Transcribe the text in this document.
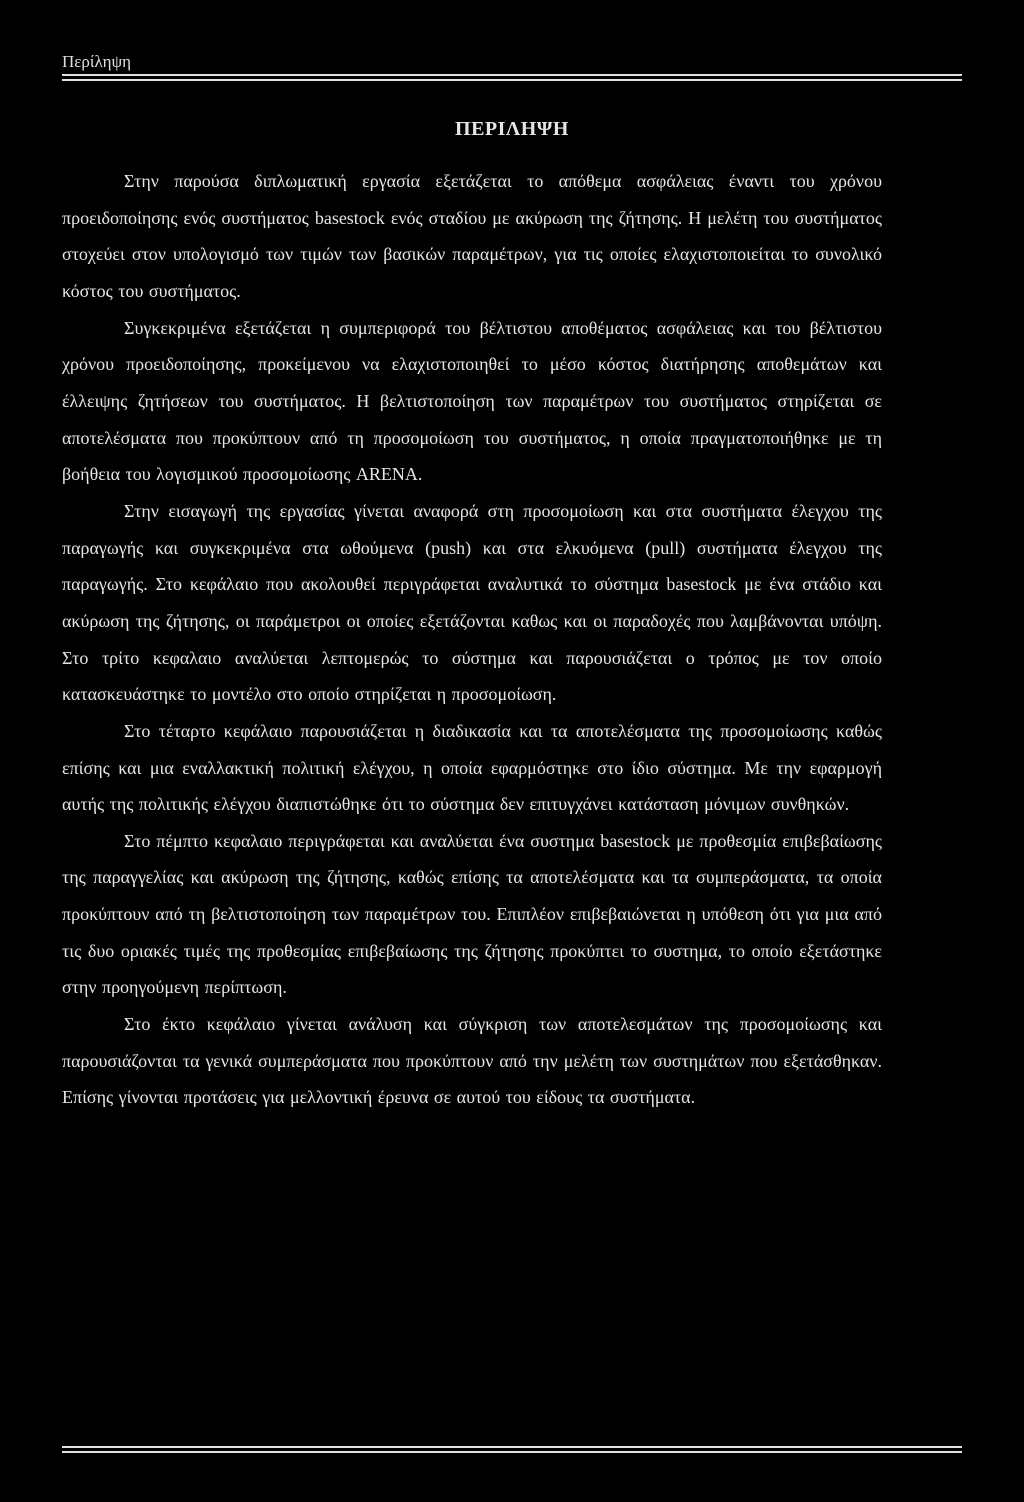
Περίληψη
ΠΕΡΙΛΗΨΗ

Στην παρούσα διπλωματική εργασία εξετάζεται το απόθεμα ασφάλειας έναντι του χρόνου προειδοποίησης ενός συστήματος basestock ενός σταδίου με ακύρωση της ζήτησης. Η μελέτη του συστήματος στοχεύει στον υπολογισμό των τιμών των βασικών παραμέτρων, για τις οποίες ελαχιστοποιείται το συνολικό κόστος του συστήματος.

Συγκεκριμένα εξετάζεται η συμπεριφορά του βέλτιστου αποθέματος ασφάλειας και του βέλτιστου χρόνου προειδοποίησης, προκείμενου να ελαχιστοποιηθεί το μέσο κόστος διατήρησης αποθεμάτων και έλλειψης ζητήσεων του συστήματος. Η βελτιστοποίηση των παραμέτρων του συστήματος στηρίζεται σε αποτελέσματα που προκύπτουν από τη προσομοίωση του συστήματος, η οποία πραγματοποιήθηκε με τη βοήθεια του λογισμικού προσομοίωσης ARENA.

Στην εισαγωγή της εργασίας γίνεται αναφορά στη προσομοίωση και στα συστήματα έλεγχου της παραγωγής και συγκεκριμένα στα ωθούμενα (push) και στα ελκυόμενα (pull) συστήματα έλεγχου της παραγωγής. Στο κεφάλαιο που ακολουθεί περιγράφεται αναλυτικά το σύστημα basestock με ένα στάδιο και ακύρωση της ζήτησης, οι παράμετροι οι οποίες εξετάζονται καθως και οι παραδοχές που λαμβάνονται υπόψη. Στο τρίτο κεφαλαιο αναλύεται λεπτομερώς το σύστημα και παρουσιάζεται ο τρόπος με τον οποίο κατασκευάστηκε το μοντέλο στο οποίο στηρίζεται η προσομοίωση.

Στο τέταρτο κεφάλαιο παρουσιάζεται η διαδικασία και τα αποτελέσματα της προσομοίωσης καθώς επίσης και μια εναλλακτική πολιτική ελέγχου, η οποία εφαρμόστηκε στο ίδιο σύστημα. Με την εφαρμογή αυτής της πολιτικής ελέγχου διαπιστώθηκε ότι το σύστημα δεν επιτυγχάνει κατάσταση μόνιμων συνθηκών.

Στο πέμπτο κεφαλαιο περιγράφεται και αναλύεται ένα συστημα basestock με προθεσμία επιβεβαίωσης της παραγγελίας και ακύρωση της ζήτησης, καθώς επίσης τα αποτελέσματα και τα συμπεράσματα, τα οποία προκύπτουν από τη βελτιστοποίηση των παραμέτρων του. Επιπλέον επιβεβαιώνεται η υπόθεση ότι για μια από τις δυο οριακές τιμές της προθεσμίας επιβεβαίωσης της ζήτησης προκύπτει το συστημα, το οποίο εξετάστηκε στην προηγούμενη περίπτωση.

Στο έκτο κεφάλαιο γίνεται ανάλυση και σύγκριση των αποτελεσμάτων της προσομοίωσης και παρουσιάζονται τα γενικά συμπεράσματα που προκύπτουν από την μελέτη των συστημάτων που εξετάσθηκαν. Επίσης γίνονται προτάσεις για μελλοντική έρευνα σε αυτού του είδους τα συστήματα.
